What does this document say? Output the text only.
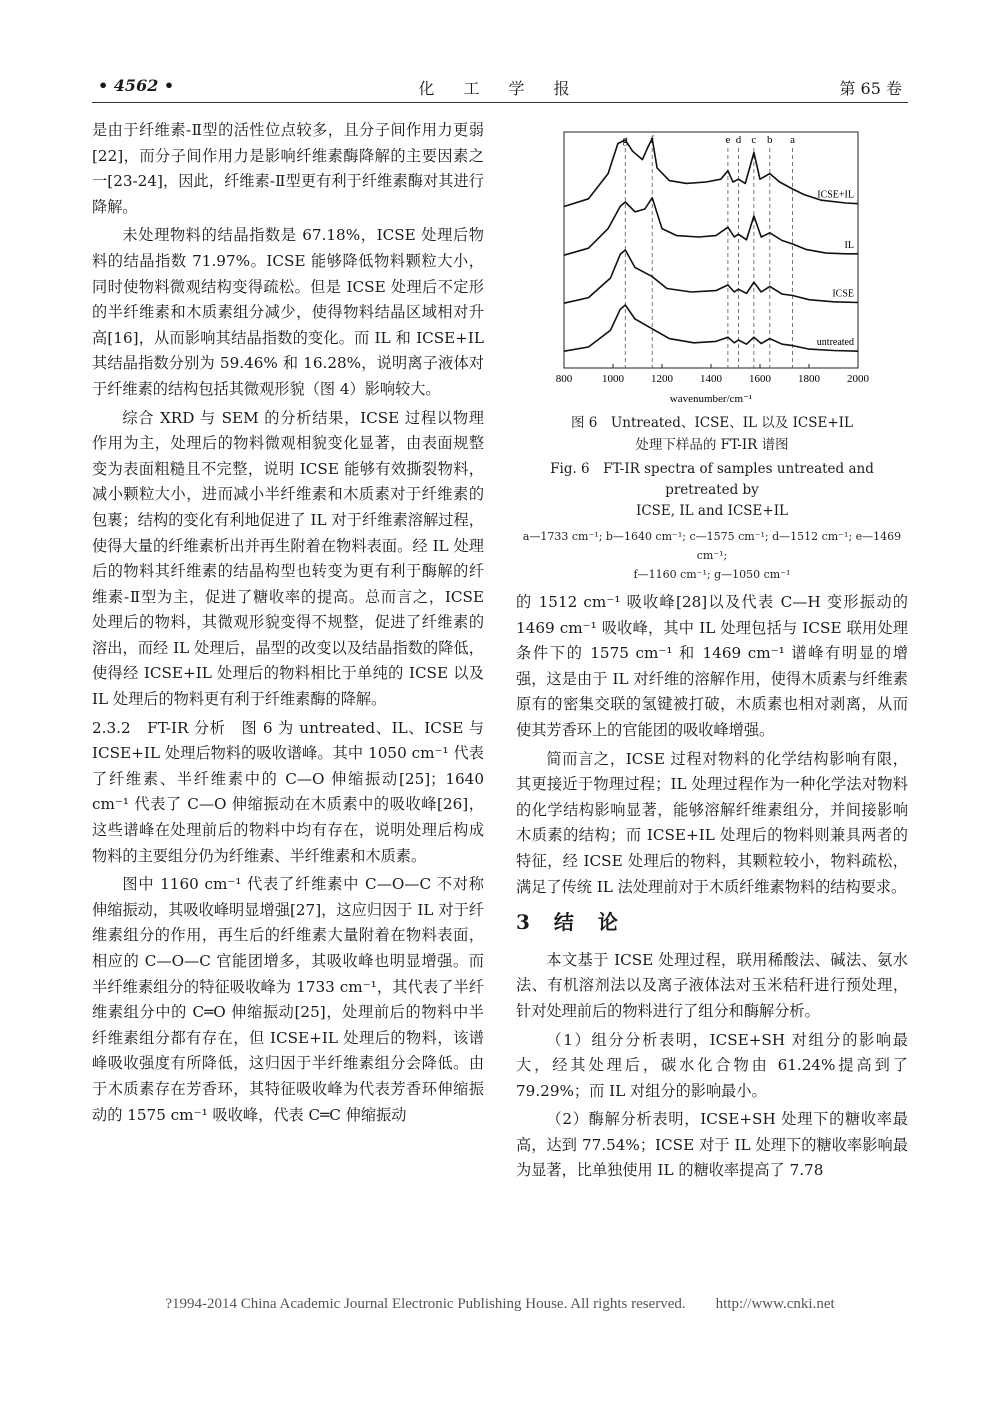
• 4562 •	化 工 学 报	第 65 卷

是由于纤维素-Ⅱ型的活性位点较多，且分子间作用力更弱[22]，而分子间作用力是影响纤维素酶降解的主要因素之一[23-24]，因此，纤维素-Ⅱ型更有利于纤维素酶对其进行降解。

未处理物料的结晶指数是 67.18%，ICSE 处理后物料的结晶指数 71.97%。ICSE 能够降低物料颗粒大小，同时使物料微观结构变得疏松。但是 ICSE 处理后不定形的半纤维素和木质素组分减少，使得物料结晶区域相对升高[16]，从而影响其结晶指数的变化。而 IL 和 ICSE+IL 其结晶指数分别为 59.46% 和 16.28%，说明离子液体对于纤维素的结构包括其微观形貌（图 4）影响较大。

综合 XRD 与 SEM 的分析结果，ICSE 过程以物理作用为主，处理后的物料微观相貌变化显著，由表面规整变为表面粗糙且不完整，说明 ICSE 能够有效撕裂物料，减小颗粒大小，进而减小半纤维素和木质素对于纤维素的包裹；结构的变化有利地促进了 IL 对于纤维素溶解过程，使得大量的纤维素析出并再生附着在物料表面。经 IL 处理后的物料其纤维素的结晶构型也转变为更有利于酶解的纤维素-Ⅱ型为主，促进了糖收率的提高。总而言之，ICSE 处理后的物料，其微观形貌变得不规整，促进了纤维素的溶出，而经 IL 处理后，晶型的改变以及结晶指数的降低，使得经 ICSE+IL 处理后的物料相比于单纯的 ICSE 以及 IL 处理后的物料更有利于纤维素酶的降解。

2.3.2　FT-IR 分析　图 6 为 untreated、IL、ICSE 与 ICSE+IL 处理后物料的吸收谱峰。其中 1050 cm⁻¹ 代表了纤维素、半纤维素中的 C—O 伸缩振动[25]；1640 cm⁻¹ 代表了 C—O 伸缩振动在木质素中的吸收峰[26]，这些谱峰在处理前后的物料中均有存在，说明处理后构成物料的主要组分仍为纤维素、半纤维素和木质素。

图中 1160 cm⁻¹ 代表了纤维素中 C—O—C 不对称伸缩振动，其吸收峰明显增强[27]，这应归因于 IL 对于纤维素组分的作用，再生后的纤维素大量附着在物料表面，相应的 C—O—C 官能团增多，其吸收峰也明显增强。而半纤维素组分的特征吸收峰为 1733 cm⁻¹，其代表了半纤维素组分中的 C═O 伸缩振动[25]，处理前后的物料中半纤维素组分都有存在，但 ICSE+IL 处理后的物料，该谱峰吸收强度有所降低，这归因于半纤维素组分会降低。由于木质素存在芳香环，其特征吸收峰为代表芳香环伸缩振动的 1575 cm⁻¹ 吸收峰，代表 C═C 伸缩振动

g f	e d c b a
ICSE+IL
IL
ICSE
untreated
800	1000 1200 1400 1600 1800 2000
wavenumber/cm⁻¹
图 6　Untreated、ICSE、IL 以及 ICSE+IL
处理下样品的 FT-IR 谱图
Fig. 6　FT-IR spectra of samples untreated and pretreated by
ICSE, IL and ICSE+IL
a—1733 cm⁻¹; b—1640 cm⁻¹; c—1575 cm⁻¹; d—1512 cm⁻¹; e—1469 cm⁻¹;
f—1160 cm⁻¹; g—1050 cm⁻¹

的 1512 cm⁻¹ 吸收峰[28]以及代表 C—H 变形振动的 1469 cm⁻¹ 吸收峰，其中 IL 处理包括与 ICSE 联用处理条件下的 1575 cm⁻¹ 和 1469 cm⁻¹ 谱峰有明显的增强，这是由于 IL 对纤维的溶解作用，使得木质素与纤维素原有的密集交联的氢键被打破，木质素也相对剥离，从而使其芳香环上的官能团的吸收峰增强。

简而言之，ICSE 过程对物料的化学结构影响有限，其更接近于物理过程；IL 处理过程作为一种化学法对物料的化学结构影响显著，能够溶解纤维素组分，并间接影响木质素的结构；而 ICSE+IL 处理后的物料则兼具两者的特征，经 ICSE 处理后的物料，其颗粒较小，物料疏松，满足了传统 IL 法处理前对于木质纤维素物料的结构要求。

3　结　论

本文基于 ICSE 处理过程，联用稀酸法、碱法、氨水法、有机溶剂法以及离子液体法对玉米秸秆进行预处理，针对处理前后的物料进行了组分和酶解分析。

（1）组分分析表明，ICSE+SH 对组分的影响最大，经其处理后，碳水化合物由 61.24%提高到了 79.29%；而 IL 对组分的影响最小。

（2）酶解分析表明，ICSE+SH 处理下的糖收率最高，达到 77.54%；ICSE 对于 IL 处理下的糖收率影响最为显著，比单独使用 IL 的糖收率提高了 7.78

?1994-2014 China Academic Journal Electronic Publishing House. All rights reserved.　　http://www.cnki.net
